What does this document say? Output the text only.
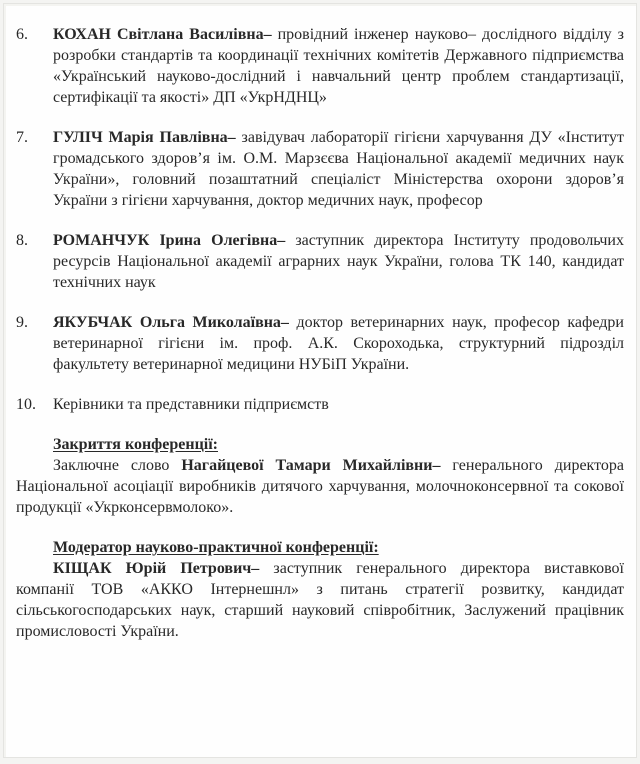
6.	КОХАН Світлана Василівна– провідний інженер науково– дослідного відділу з розробки стандартів та координації технічних комітетів Державного підприємства «Український науково-дослідний і навчальний центр проблем стандартизації, сертифікації та якості» ДП «УкрНДНЦ»

7.	ГУЛІЧ Марія Павлівна– завідувач лабораторії гігієни харчування ДУ «Інститут громадського здоров’я ім. О.М. Марзєєва Національної академії медичних наук України», головний позаштатний спеціаліст Міністерства охорони здоров’я України з гігієни харчування, доктор медичних наук, професор

8.	РОМАНЧУК Ірина Олегівна– заступник директора Інституту продовольчих ресурсів Національної академії аграрних наук України, голова ТК 140, кандидат технічних наук

9.	ЯКУБЧАК Ольга Миколаївна– доктор ветеринарних наук, професор кафедри ветеринарної гігієни ім. проф. А.К. Скороходька, структурний підрозділ факультету ветеринарної медицини НУБіП України.

10.	Керівники та представники підприємств

Закриття конференції:

Заключне слово Нагайцевої Тамари Михайлівни– генерального директора Національної асоціації виробників дитячого харчування, молочноконсервної та сокової продукції «Укрконсервмолоко».

Модератор науково-практичної конференції:

КІЩАК Юрій Петрович– заступник генерального директора виставкової компанії ТОВ «АККО Інтернешнл» з питань стратегії розвитку, кандидат сільськогосподарських наук, старший науковий співробітник, Заслужений працівник промисловості України.
